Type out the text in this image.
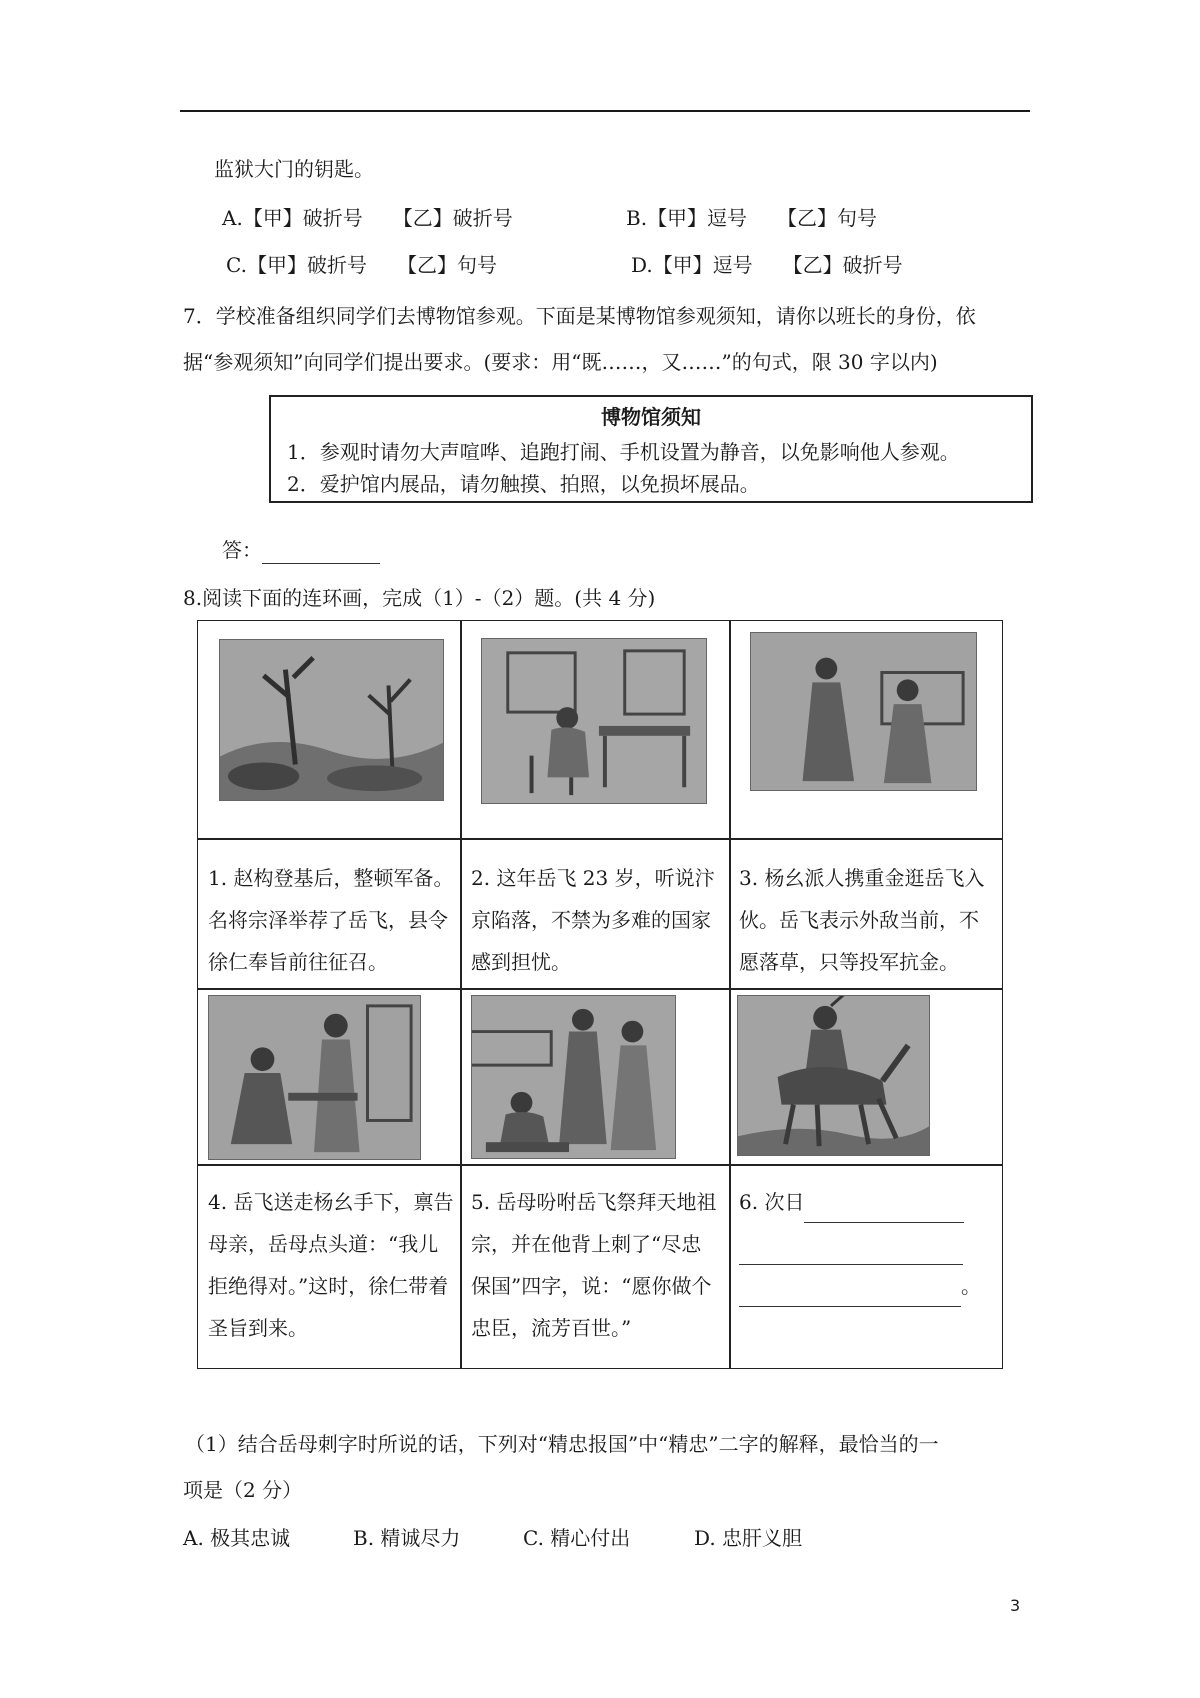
监狱大门的钥匙。
A.【甲】破折号　　【乙】破折号	B.【甲】逗号　　【乙】句号
C.【甲】破折号　　【乙】句号	D.【甲】逗号　　【乙】破折号
7．学校准备组织同学们去博物馆参观。下面是某博物馆参观须知，请你以班长的身份，依
据“参观须知”向同学们提出要求。(要求：用“既……，又……”的句式，限 30 字以内)
博物馆须知
1．参观时请勿大声喧哗、追跑打闹、手机设置为静音，以免影响他人参观。
2．爱护馆内展品，请勿触摸、拍照，以免损坏展品。
答：
8.阅读下面的连环画，完成（1）-（2）题。(共 4 分)
1. 赵构登基后，整顿军备。名将宗泽举荐了岳飞，县令徐仁奉旨前往征召。
2. 这年岳飞 23 岁，听说汴京陷落，不禁为多难的国家感到担忧。
3. 杨幺派人携重金逛岳飞入伙。岳飞表示外敌当前，不愿落草，只等投军抗金。
4. 岳飞送走杨幺手下，禀告母亲，岳母点头道：“我儿拒绝得对。”这时，徐仁带着圣旨到来。
5. 岳母吩咐岳飞祭拜天地祖宗，并在他背上刺了“尽忠保国”四字，说：“愿你做个忠臣，流芳百世。”
6. 次日

。
（1）结合岳母刺字时所说的话，下列对“精忠报国”中“精忠”二字的解释，最恰当的一
项是（2 分）
A. 极其忠诚	B. 精诚尽力	C. 精心付出	D. 忠肝义胆
3
